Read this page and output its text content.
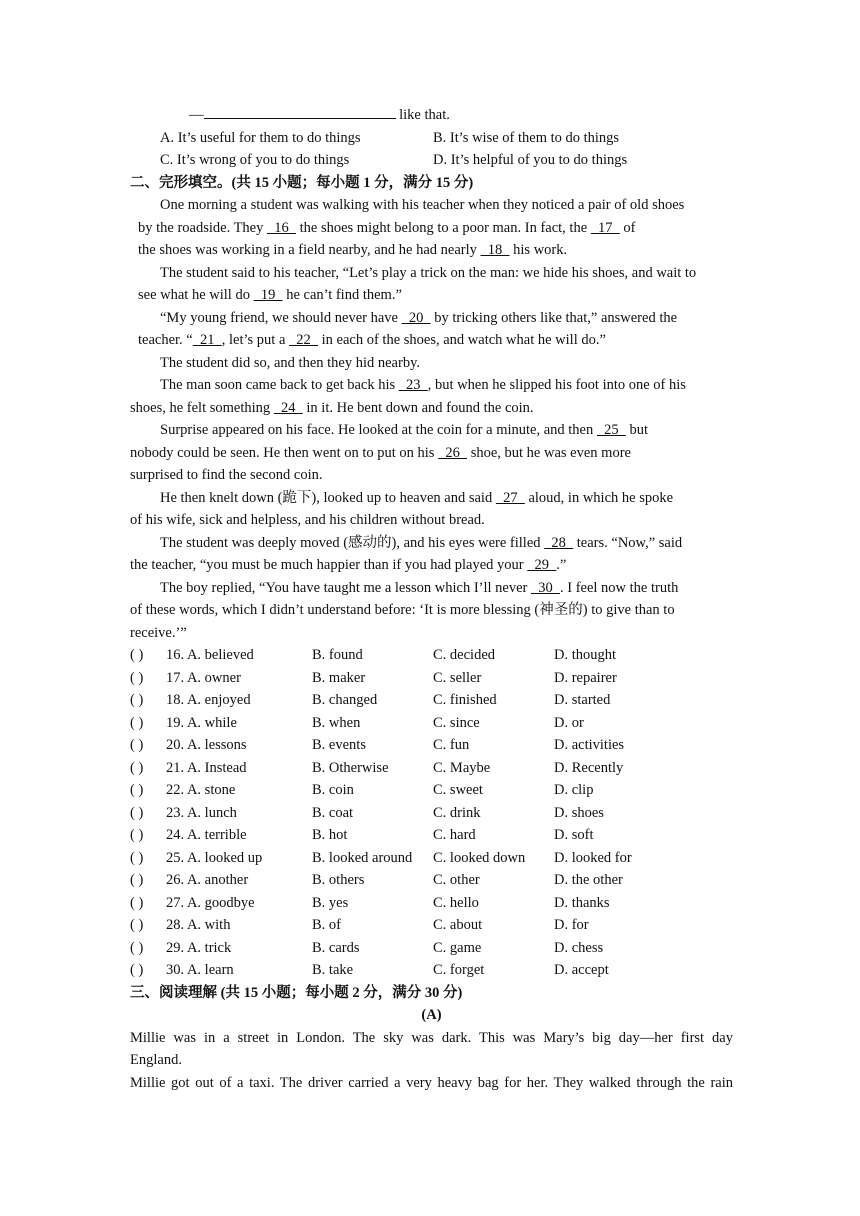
—	like that.
A. It’s useful for them to do things	B. It’s wise of them to do things
C. It’s wrong of you to do things	D. It’s helpful of you to do things
二、完形填空。(共 15 小题；每小题 1 分，满分 15 分)
One morning a student was walking with his teacher when they noticed a pair of old shoes
by the roadside. They   16   the shoes might belong to a poor man. In fact, the   17   of
the shoes was working in a field nearby, and he had nearly   18   his work.
The student said to his teacher, “Let’s play a trick on the man: we hide his shoes, and wait to
see what he will do   19   he can’t find them.”
“My young friend, we should never have   20   by tricking others like that,” answered the
teacher. “  21  , let’s put a   22   in each of the shoes, and watch what he will do.”
The student did so, and then they hid nearby.
The man soon came back to get back his   23  , but when he slipped his foot into one of his
shoes, he felt something   24   in it. He bent down and found the coin.
Surprise appeared on his face. He looked at the coin for a minute, and then   25   but
nobody could be seen. He then went on to put on his   26   shoe, but he was even more
surprised to find the second coin.
He then knelt down (跪下), looked up to heaven and said   27   aloud, in which he spoke
of his wife, sick and helpless, and his children without bread.
The student was deeply moved (感动的), and his eyes were filled   28   tears. “Now,” said
the teacher, “you must be much happier than if you had played your   29  .”
The boy replied, “You have taught me a lesson which I’ll never   30  . I feel now the truth
of these words, which I didn’t understand before: ‘It is more blessing (神圣的) to give than to
receive.’”
( ) 16. A. believed	B. found	C. decided	D. thought
( ) 17. A. owner	B. maker	C. seller	D. repairer
( ) 18. A. enjoyed	B. changed	C. finished	D. started
( ) 19. A. while	B. when	C. since	D. or
( ) 20. A. lessons	B. events	C. fun	D. activities
( ) 21. A. Instead	B. Otherwise	C. Maybe	D. Recently
( ) 22. A. stone	B. coin	C. sweet	D. clip
( ) 23. A. lunch	B. coat	C. drink	D. shoes
( ) 24. A. terrible	B. hot	C. hard	D. soft
( ) 25. A. looked up	B. looked around	C. looked down	D. looked for
( ) 26. A. another	B. others	C. other	D. the other
( ) 27. A. goodbye	B. yes	C. hello	D. thanks
( ) 28. A. with	B. of	C. about	D. for
( ) 29. A. trick	B. cards	C. game	D. chess
( ) 30. A. learn	B. take	C. forget	D. accept
三、阅读理解 (共 15 小题；每小题 2 分，满分 30 分)
(A)
Millie was in a street in London. The sky was dark. This was Mary’s big day—her first day
England.
Millie got out of a taxi. The driver carried a very heavy bag for her. They walked through the rain
